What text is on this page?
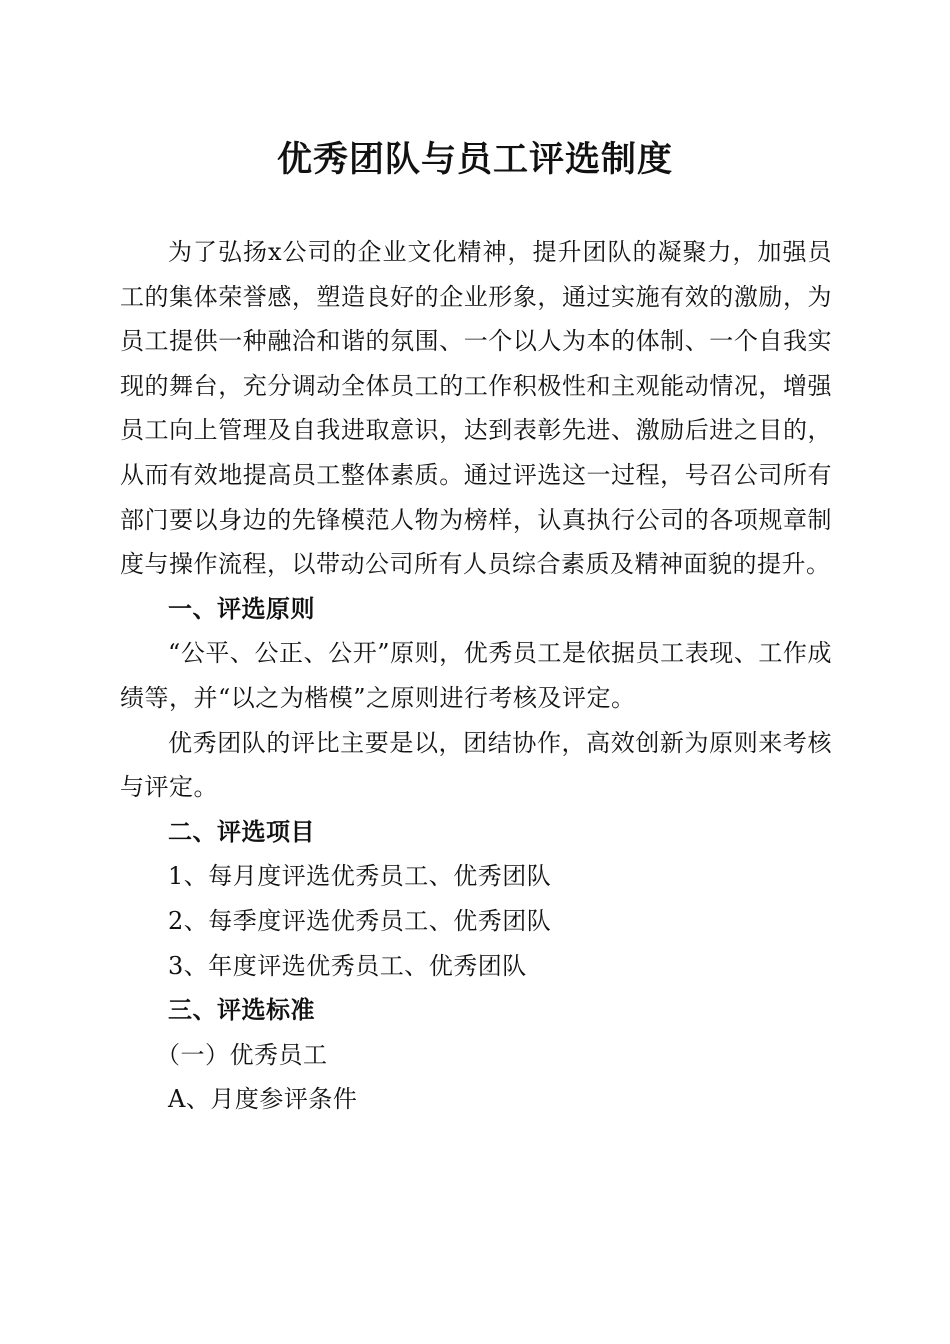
优秀团队与员工评选制度

为了弘扬x公司的企业文化精神，提升团队的凝聚力，加强员工的集体荣誉感，塑造良好的企业形象，通过实施有效的激励，为员工提供一种融洽和谐的氛围、一个以人为本的体制、一个自我实现的舞台，充分调动全体员工的工作积极性和主观能动情况，增强员工向上管理及自我进取意识，达到表彰先进、激励后进之目的，从而有效地提高员工整体素质。通过评选这一过程，号召公司所有部门要以身边的先锋模范人物为榜样，认真执行公司的各项规章制度与操作流程，以带动公司所有人员综合素质及精神面貌的提升。

一、评选原则

“公平、公正、公开”原则，优秀员工是依据员工表现、工作成绩等，并“以之为楷模”之原则进行考核及评定。

优秀团队的评比主要是以，团结协作，高效创新为原则来考核与评定。

二、评选项目

1、每月度评选优秀员工、优秀团队

2、每季度评选优秀员工、优秀团队

3、年度评选优秀员工、优秀团队

三、评选标准

（一）优秀员工

A、月度参评条件
